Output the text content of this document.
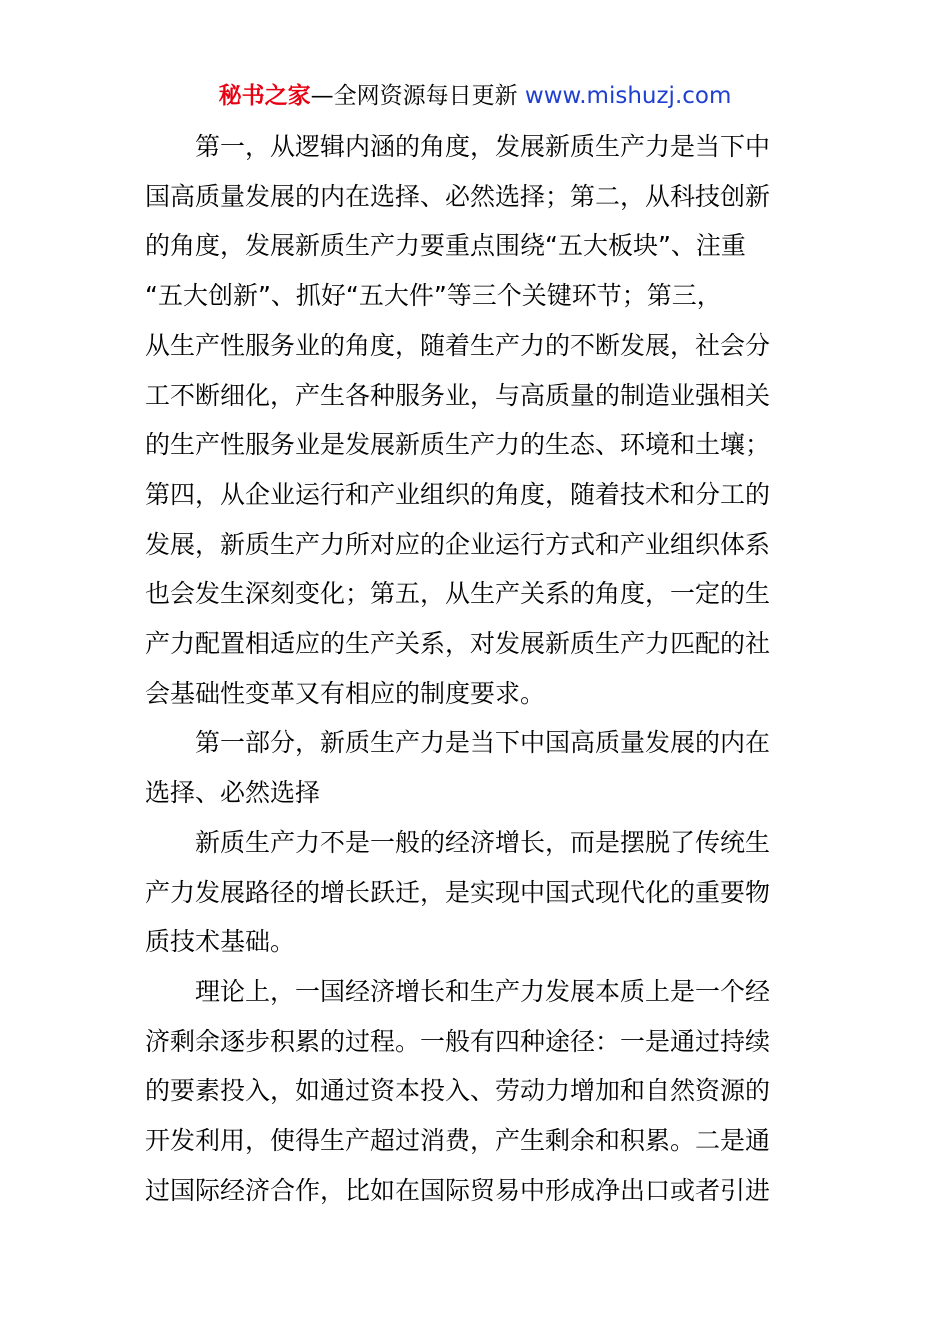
秘书之家—全网资源每日更新 www.mishuzj.com

第一，从逻辑内涵的角度，发展新质生产力是当下中
国高质量发展的内在选择、必然选择；第二，从科技创新
的角度，发展新质生产力要重点围绕“五大板块”、注重
“五大创新”、抓好“五大件”等三个关键环节；第三，
从生产性服务业的角度，随着生产力的不断发展，社会分
工不断细化，产生各种服务业，与高质量的制造业强相关
的生产性服务业是发展新质生产力的生态、环境和土壤；
第四，从企业运行和产业组织的角度，随着技术和分工的
发展，新质生产力所对应的企业运行方式和产业组织体系
也会发生深刻变化；第五，从生产关系的角度，一定的生
产力配置相适应的生产关系，对发展新质生产力匹配的社
会基础性变革又有相应的制度要求。

第一部分，新质生产力是当下中国高质量发展的内在
选择、必然选择

新质生产力不是一般的经济增长，而是摆脱了传统生
产力发展路径的增长跃迁，是实现中国式现代化的重要物
质技术基础。

理论上，一国经济增长和生产力发展本质上是一个经
济剩余逐步积累的过程。一般有四种途径：一是通过持续
的要素投入，如通过资本投入、劳动力增加和自然资源的
开发利用，使得生产超过消费，产生剩余和积累。二是通
过国际经济合作，比如在国际贸易中形成净出口或者引进
